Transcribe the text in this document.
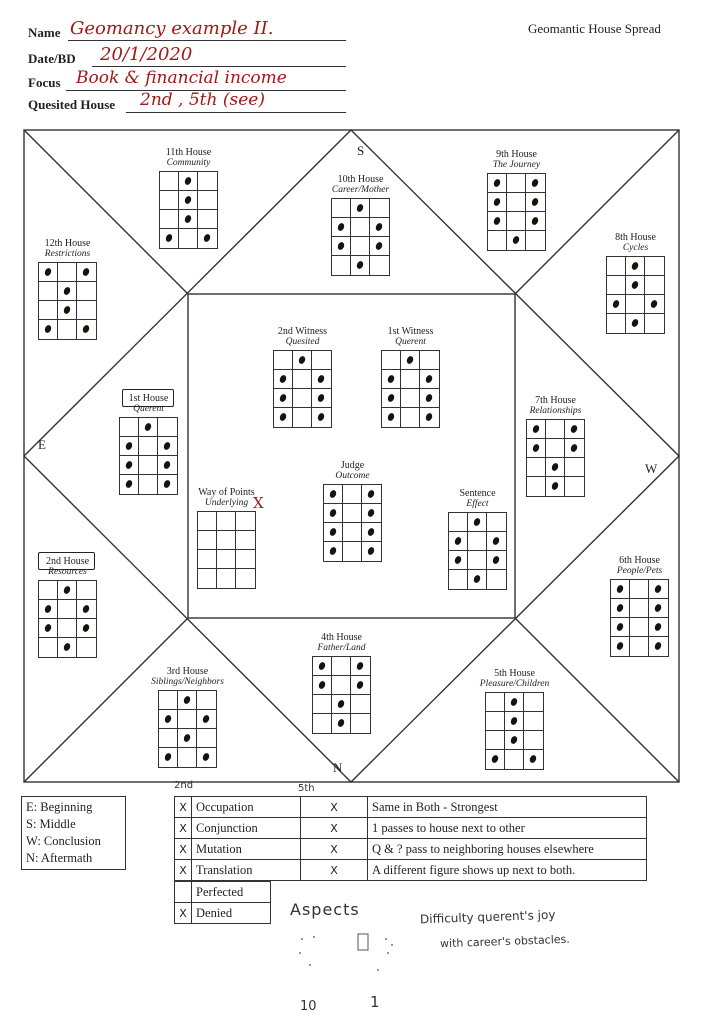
Name Geomancy example II.
Date/BD 20/1/2020
Focus Book & financial income
Quesited House 2nd , 5th (see)
Geomantic House Spread
S
E
W
N
11th House
Community
10th House
Career/Mother
9th House
The Journey
12th House
Restrictions
8th House
Cycles
2nd Witness
Quesited
1st Witness
Querent
1st House
Querent
7th House
Relationships
Judge
Outcome
Way of Points
Underlying
Sentence
Effect
2nd House
Resources
6th House
People/Pets
3rd House
Siblings/Neighbors
4th House
Father/Land
5th House
Pleasure/Children
X
E: Beginning
S: Middle
W: Conclusion
N: Aftermath
2nd	5th
X	Occupation	X	Same in Both - Strongest
X	Conjunction	X	1 passes to house next to other
X	Mutation	X	Q & ? pass to neighboring houses elsewhere
X	Translation	X	A different figure shows up next to both.
	Perfected
X	Denied	Aspects	Difficulty querent's joy
with career's obstacles.
10	1
